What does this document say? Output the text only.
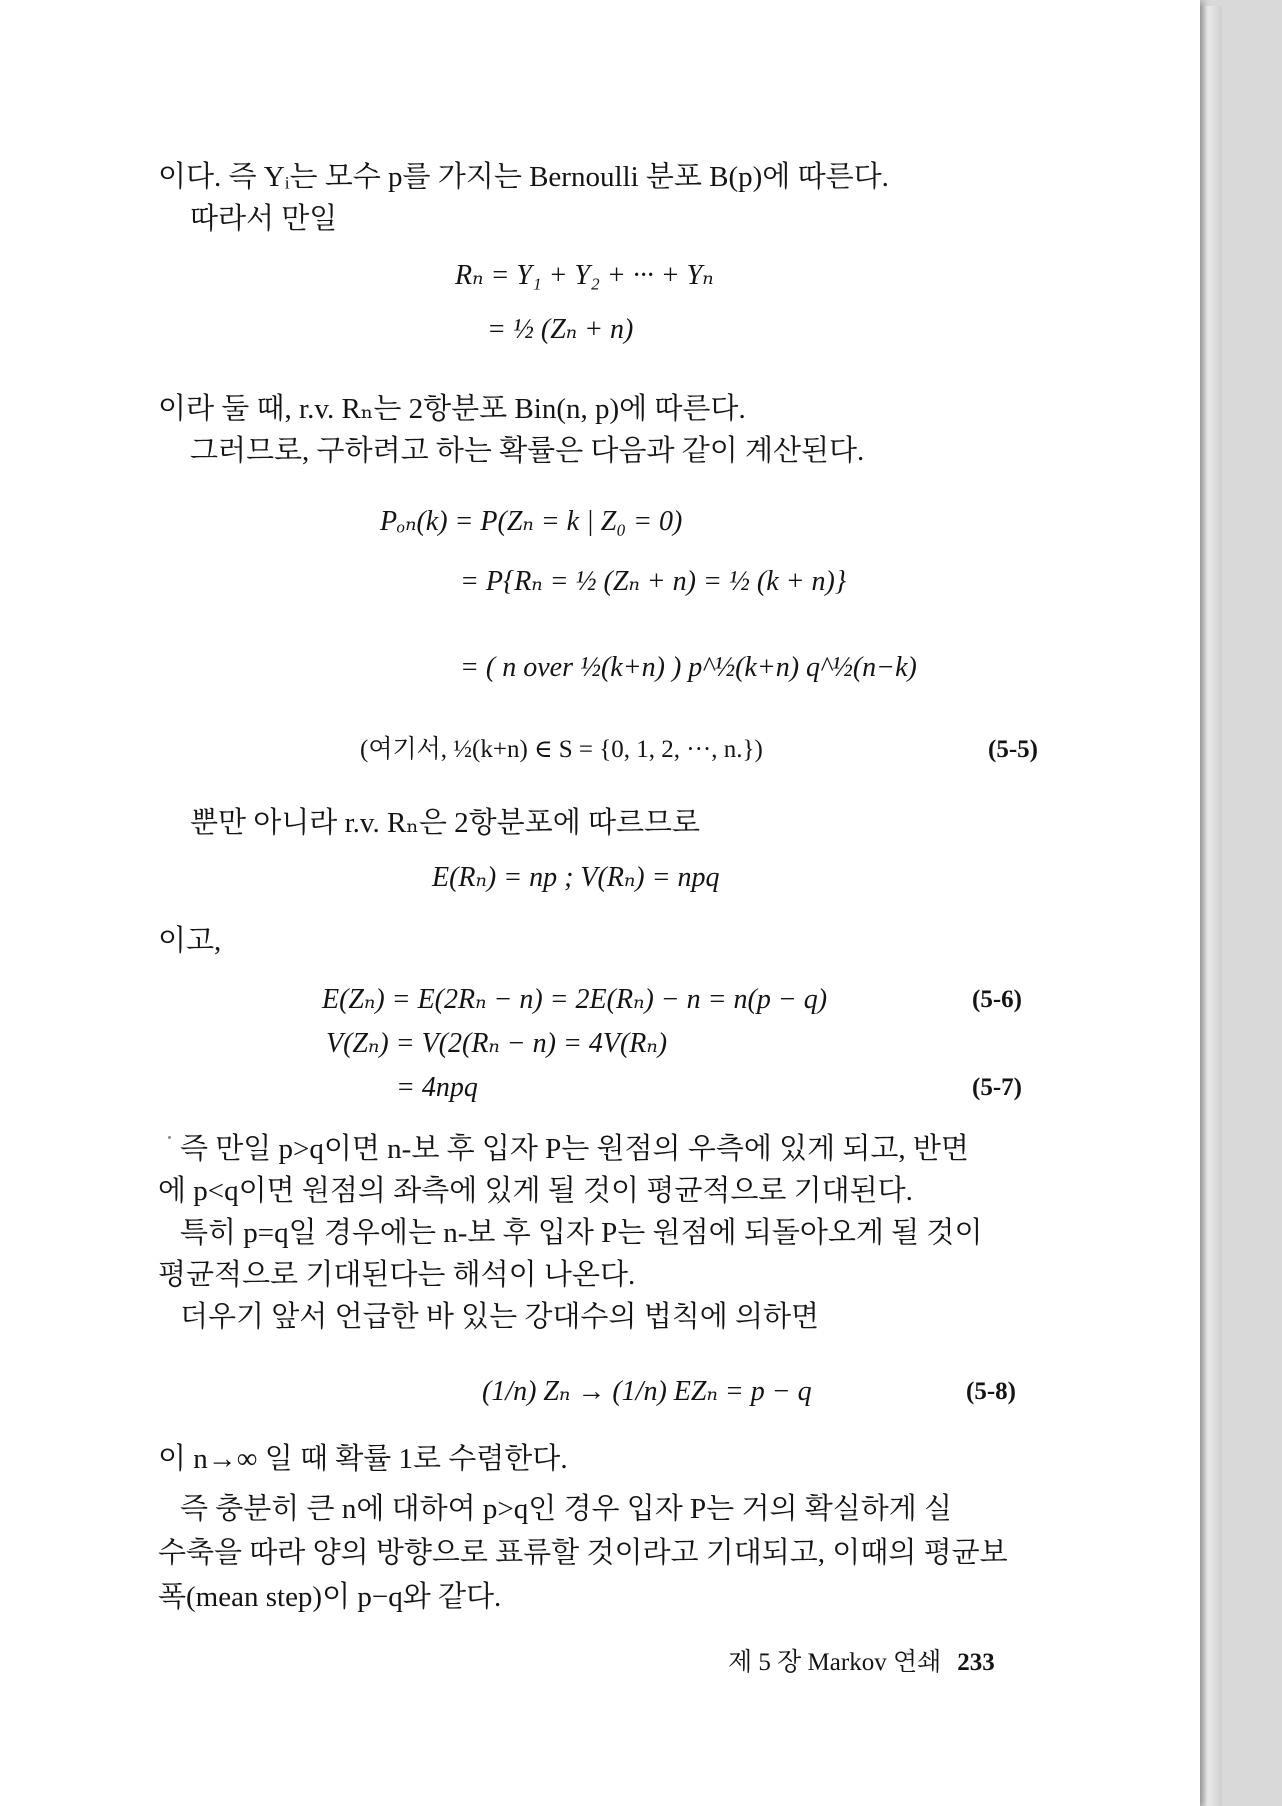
이다. 즉 Yᵢ는 모수 p를 가지는 Bernoulli 분포 B(p)에 따른다.
따라서 만일
Rₙ = Y₁ + Y₂ + ··· + Yₙ
= ½ (Zₙ + n)
이라 둘 때, r.v. Rₙ는 2항분포 Bin(n, p)에 따른다.
그러므로, 구하려고 하는 확률은 다음과 같이 계산된다.
Pₒₙ(k) = P(Zₙ = k | Z₀ = 0)
= P{Rₙ = ½ (Zₙ + n) = ½ (k + n)}
= ( n over ½(k+n) ) p^½(k+n) q^½(n−k)
(여기서, ½(k+n) ∈ S = {0, 1, 2, ···, n.})	(5-5)
뿐만 아니라 r.v. Rₙ은 2항분포에 따르므로
E(Rₙ) = np ; V(Rₙ) = npq
이고,
E(Zₙ) = E(2Rₙ − n) = 2E(Rₙ) − n = n(p − q)	(5-6)
V(Zₙ) = V(2(Rₙ − n) = 4V(Rₙ)
= 4npq	(5-7)
즉 만일 p>q이면 n-보 후 입자 P는 원점의 우측에 있게 되고, 반면
에 p<q이면 원점의 좌측에 있게 될 것이 평균적으로 기대된다.
특히 p=q일 경우에는 n-보 후 입자 P는 원점에 되돌아오게 될 것이
평균적으로 기대된다는 해석이 나온다.
더우기 앞서 언급한 바 있는 강대수의 법칙에 의하면
(1/n) Zₙ → (1/n) EZₙ = p − q	(5-8)
이 n→∞ 일 때 확률 1로 수렴한다.
즉 충분히 큰 n에 대하여 p>q인 경우 입자 P는 거의 확실하게 실
수축을 따라 양의 방향으로 표류할 것이라고 기대되고, 이때의 평균보
폭(mean step)이 p−q와 같다.
제 5 장 Markov 연쇄 233
